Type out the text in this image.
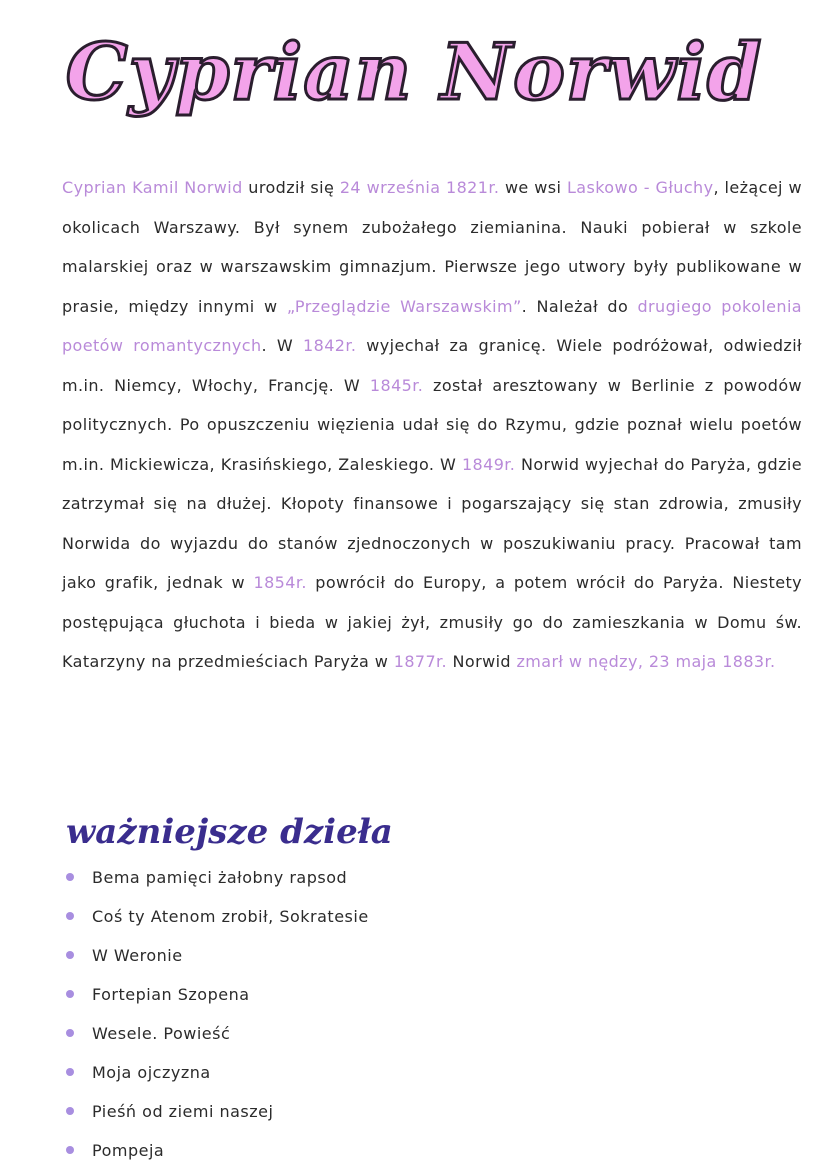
Cyprian Norwid
Cyprian Kamil Norwid urodził się 24 września 1821r. we wsi Laskowo - Głuchy, leżącej w okolicach Warszawy. Był synem zubożałego ziemianina. Nauki pobierał w szkole malarskiej oraz w warszawskim gimnazjum. Pierwsze jego utwory były publikowane w prasie, między innymi w „Przeglądzie Warszawskim”. Należał do drugiego pokolenia poetów romantycznych. W 1842r. wyjechał za granicę. Wiele podróżował, odwiedził m.in. Niemcy, Włochy, Francję. W 1845r. został aresztowany w Berlinie z powodów politycznych. Po opuszczeniu więzienia udał się do Rzymu, gdzie poznał wielu poetów m.in. Mickiewicza, Krasińskiego, Zaleskiego. W 1849r. Norwid wyjechał do Paryża, gdzie zatrzymał się na dłużej. Kłopoty finansowe i pogarszający się stan zdrowia, zmusiły Norwida do wyjazdu do stanów zjednoczonych w poszukiwaniu pracy. Pracował tam jako grafik, jednak w 1854r. powrócił do Europy, a potem wrócił do Paryża. Niestety postępująca głuchota i bieda w jakiej żył, zmusiły go do zamieszkania w Domu św. Katarzyny na przedmieściach Paryża w 1877r. Norwid zmarł w nędzy, 23 maja 1883r.
ważniejsze dzieła
Bema pamięci żałobny rapsod
Coś ty Atenom zrobił, Sokratesie
W Weronie
Fortepian Szopena
Wesele. Powieść
Moja ojczyzna
Pieśń od ziemi naszej
Pompeja
